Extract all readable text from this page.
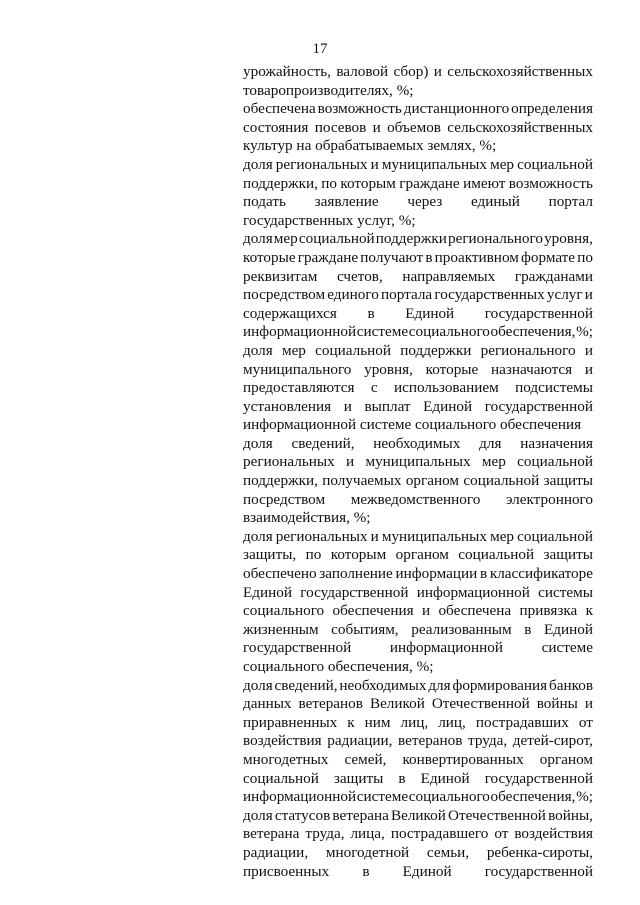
17
урожайность, валовой сбор) и сельскохозяйственных
товаропроизводителях, %;
обеспечена возможность дистанционного определения
состояния посевов и объемов сельскохозяйственных
культур на обрабатываемых землях, %;
доля региональных и муниципальных мер социальной
поддержки, по которым граждане имеют возможность
подать заявление через единый портал
государственных услуг, %;
доля мер социальной поддержки регионального уровня,
которые граждане получают в проактивном формате по
реквизитам счетов, направляемых гражданами
посредством единого портала государственных услуг и
содержащихся в Единой государственной
информационной системе социального обеспечения, %;
доля мер социальной поддержки регионального и
муниципального уровня, которые назначаются и
предоставляются с использованием подсистемы
установления и выплат Единой государственной
информационной системе социального обеспечения
доля сведений, необходимых для назначения
региональных и муниципальных мер социальной
поддержки, получаемых органом социальной защиты
посредством межведомственного электронного
взаимодействия, %;
доля региональных и муниципальных мер социальной
защиты, по которым органом социальной защиты
обеспечено заполнение информации в классификаторе
Единой государственной информационной системы
социального обеспечения и обеспечена привязка к
жизненным событиям, реализованным в Единой
государственной	информационной	системе
социального обеспечения, %;
доля сведений, необходимых для формирования банков
данных ветеранов Великой Отечественной войны и
приравненных к ним лиц, лиц, пострадавших от
воздействия радиации, ветеранов труда, детей-сирот,
многодетных семей, конвертированных органом
социальной защиты в Единой государственной
информационной системе социального обеспечения, %;
доля статусов ветерана Великой Отечественной войны,
ветерана труда, лица, пострадавшего от воздействия
радиации, многодетной семьи, ребенка-сироты,
присвоенных в Единой государственной
